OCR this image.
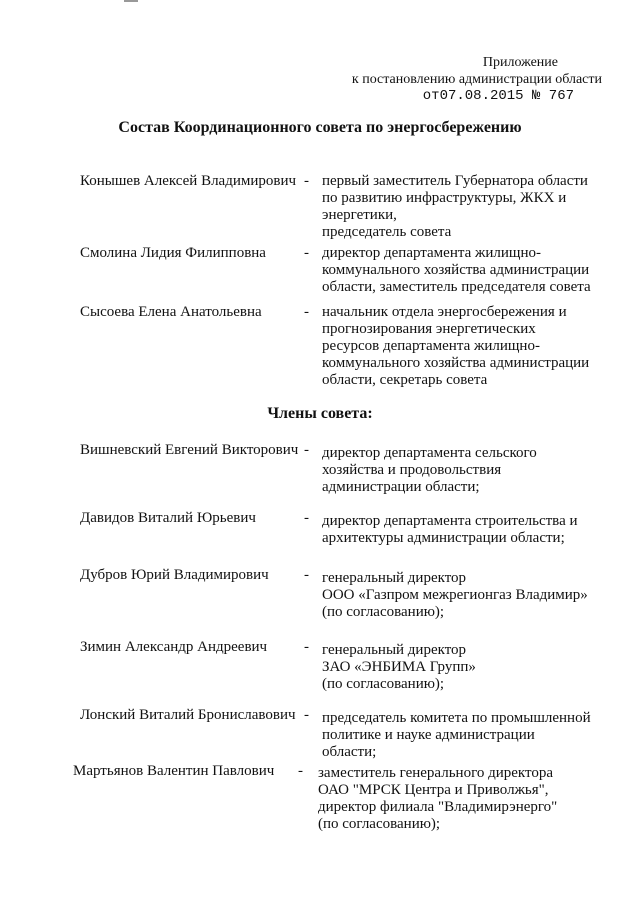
Приложение
к постановлению администрации области
от07.08.2015 № 767
Состав Координационного совета по энергосбережению
Конышев Алексей Владимирович - первый заместитель Губернатора области
по развитию инфраструктуры, ЖКХ и
энергетики,
председатель совета
Смолина Лидия Филипповна	- директор департамента жилищно-
коммунального хозяйства администрации
области, заместитель председателя совета
Сысоева Елена Анатольевна	- начальник отдела энергосбережения и
прогнозирования энергетических
ресурсов департамента жилищно-
коммунального хозяйства администрации
области, секретарь совета
Члены совета:
Вишневский Евгений Викторович - директор департамента сельского
хозяйства и продовольствия
администрации области;
Давидов Виталий Юрьевич	- директор департамента строительства и
архитектуры администрации области;
Дубров Юрий Владимирович - генеральный директор
ООО «Газпром межрегионгаз Владимир»
(по согласованию);
Зимин Александр Андреевич - генеральный директор
ЗАО «ЭНБИМА Групп»
(по согласованию);
Лонский Виталий Брониславович - председатель комитета по промышленной
политике и науке администрации
области;
Мартьянов Валентин Павлович - заместитель генерального директора
ОАО "МРСК Центра и Приволжья",
директор филиала "Владимирэнерго"
(по согласованию);
